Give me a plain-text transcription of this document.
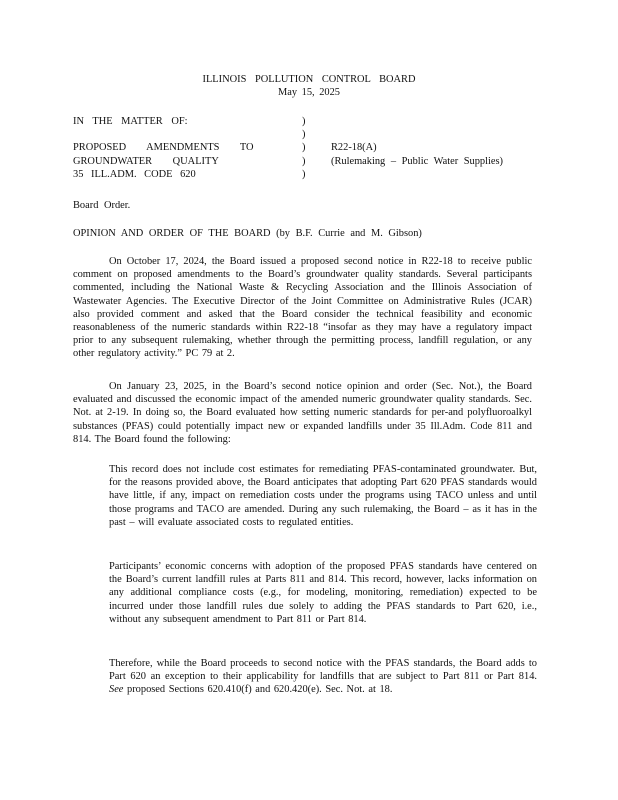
ILLINOIS POLLUTION CONTROL BOARD
May 15, 2025
IN THE MATTER OF:	)
)
PROPOSED AMENDMENTS TO	) R22-18(A)
GROUNDWATER QUALITY	) (Rulemaking – Public Water Supplies)
35 ILL.ADM. CODE 620	)
Board Order.
OPINION AND ORDER OF THE BOARD (by B.F. Currie and M. Gibson)

On October 17, 2024, the Board issued a proposed second notice in R22-18 to receive public comment on proposed amendments to the Board’s groundwater quality standards. Several participants commented, including the National Waste & Recycling Association and the Illinois Association of Wastewater Agencies. The Executive Director of the Joint Committee on Administrative Rules (JCAR) also provided comment and asked that the Board consider the technical feasibility and economic reasonableness of the numeric standards within R22-18 “insofar as they may have a regulatory impact prior to any subsequent rulemaking, whether through the permitting process, landfill regulation, or any other regulatory activity.” PC 79 at 2.

On January 23, 2025, in the Board’s second notice opinion and order (Sec. Not.), the Board evaluated and discussed the economic impact of the amended numeric groundwater quality standards. Sec. Not. at 2-19. In doing so, the Board evaluated how setting numeric standards for per-and polyfluoroalkyl substances (PFAS) could potentially impact new or expanded landfills under 35 Ill.Adm. Code 811 and 814. The Board found the following:

This record does not include cost estimates for remediating PFAS-contaminated groundwater. But, for the reasons provided above, the Board anticipates that adopting Part 620 PFAS standards would have little, if any, impact on remediation costs under the programs using TACO unless and until those programs and TACO are amended. During any such rulemaking, the Board – as it has in the past – will evaluate associated costs to regulated entities.

Participants’ economic concerns with adoption of the proposed PFAS standards have centered on the Board’s current landfill rules at Parts 811 and 814. This record, however, lacks information on any additional compliance costs (e.g., for modeling, monitoring, remediation) expected to be incurred under those landfill rules due solely to adding the PFAS standards to Part 620, i.e., without any subsequent amendment to Part 811 or Part 814.

Therefore, while the Board proceeds to second notice with the PFAS standards, the Board adds to Part 620 an exception to their applicability for landfills that are subject to Part 811 or Part 814. See proposed Sections 620.410(f) and 620.420(e). Sec. Not. at 18.
